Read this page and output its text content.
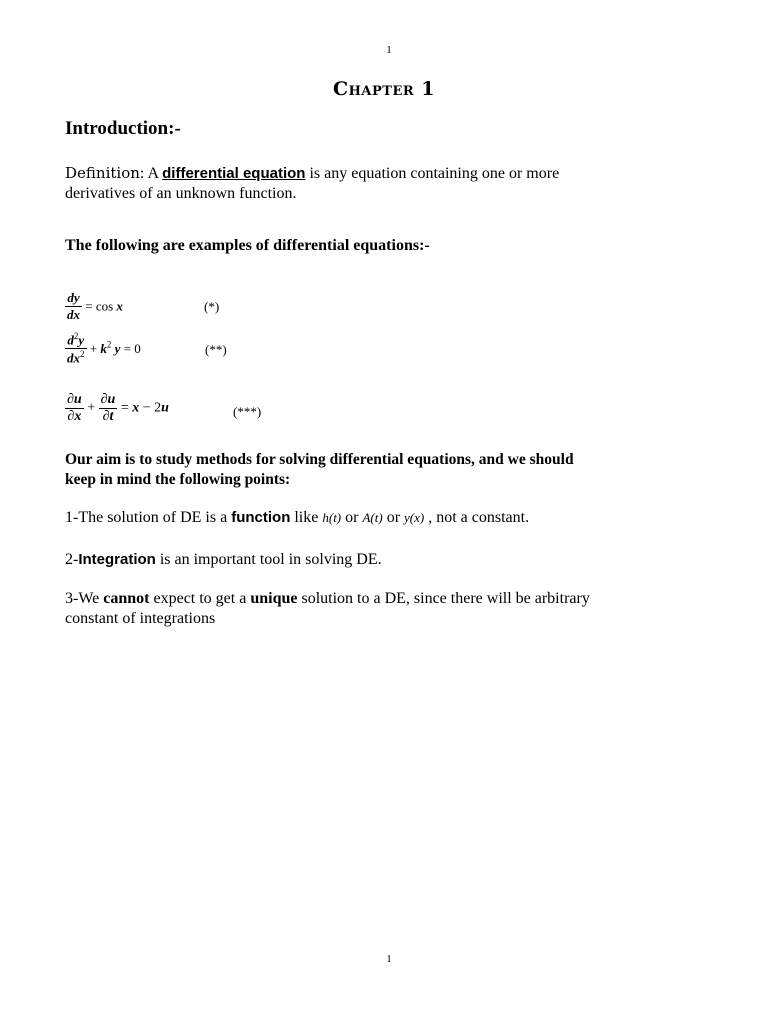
1
Chapter 1
Introduction:-
Definition: A differential equation is any equation containing one or more
derivatives of an unknown function.
The following are examples of differential equations:-
$\frac{dy}{dx} = \cos x$	(*)
$\frac{d^2y}{dx^2} + k^2$ y = 0	(**)
$\frac{\partial u}{\partial x} + \frac{\partial u}{\partial t} = x - 2u$	(***)
Our aim is to study methods for solving differential equations, and we should
keep in mind the following points:
1-The solution of DE is a function like h(t) or A(t) or y(x) , not a constant.
2-Integration is an important tool in solving DE.
3-We cannot expect to get a unique solution to a DE, since there will be arbitrary
constant of integrations
1
